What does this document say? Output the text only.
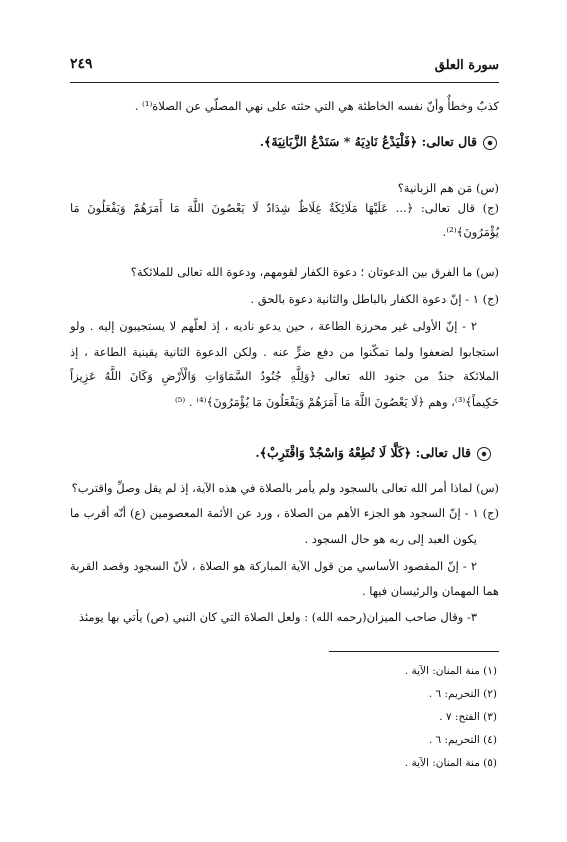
سورة العلق
٢٤٩
كذبٌ وخطأٌ وأنّ نفسه الخاطئة هي التي حثته على نهي المصلّي عن الصلاة⁽¹⁾ .
قال تعالى: ﴿فَلْيَدْعُ نَادِيَهُ * سَنَدْعُ الزَّبَانِيَةَ﴾.
(س) مَن هم الزبانية؟
(ج) قال تعالى: ﴿... عَلَيْهَا مَلَائِكَةٌ غِلَاظٌ شِدَادٌ لَا يَعْصُونَ اللَّهَ مَا أَمَرَهُمْ وَيَفْعَلُونَ مَا
يُؤْمَرُونَ﴾⁽²⁾.
(س) ما الفرق بين الدعوتان ؛ دعوة الكفار لقومهم، ودعوة الله تعالى للملائكة؟
(ج) ١ - إنّ دعوة الكفار بالباطل والثانية دعوة بالحق .
٢ - إنّ الأولى غير محرزة الطاعة ، حين يدعو ناديه ، إذ لعلّهم لا يستجيبون إليه . ولو
استجابوا لضعفوا ولما تمكّنوا من دفع ضرٍّ عنه . ولكن الدعوة الثانية يقينية الطاعة ، إذ
الملائكة جندٌ من جنود الله تعالى ﴿وَلِلَّهِ جُنُودُ السَّمَاوَاتِ وَالْأَرْضِ وَكَانَ اللَّهُ عَزِيزاً
حَكِيماً﴾⁽³⁾، وهم ﴿لَا يَعْصُونَ اللَّهَ مَا أَمَرَهُمْ وَيَفْعَلُونَ مَا يُؤْمَرُونَ﴾⁽⁴⁾ . ⁽⁵⁾
قال تعالى: ﴿كَلَّا لَا تُطِعْهُ وَاسْجُدْ وَاقْتَرِبْ﴾.
(س) لماذا أمر الله تعالى بالسجود ولم يأمر بالصلاة في هذه الآية، إذ لم يقل وصلِّ واقترب؟
(ج) ١ - إنّ السجود هو الجزء الأهم من الصلاة ، ورد عن الأئمة المعصومين (ع) أنّه أقرب ما
يكون العبد إلى ربه هو حال السجود .
٢ - إنّ المقصود الأساسي من قول الآية المباركة هو الصلاة ، لأنّ السجود وقصد القربة
هما المهمان والرئيسان فيها .
٣- وقال صاحب الميزان(رحمه الله) : ولعل الصلاة التي كان النبي (ص) يأتي بها يومئذ
(١) منة المنان: الآية .
(٢) التحريم: ٦ .
(٣) الفتح: ٧ .
(٤) التحريم: ٦ .
(٥) منة المنان: الآية .
